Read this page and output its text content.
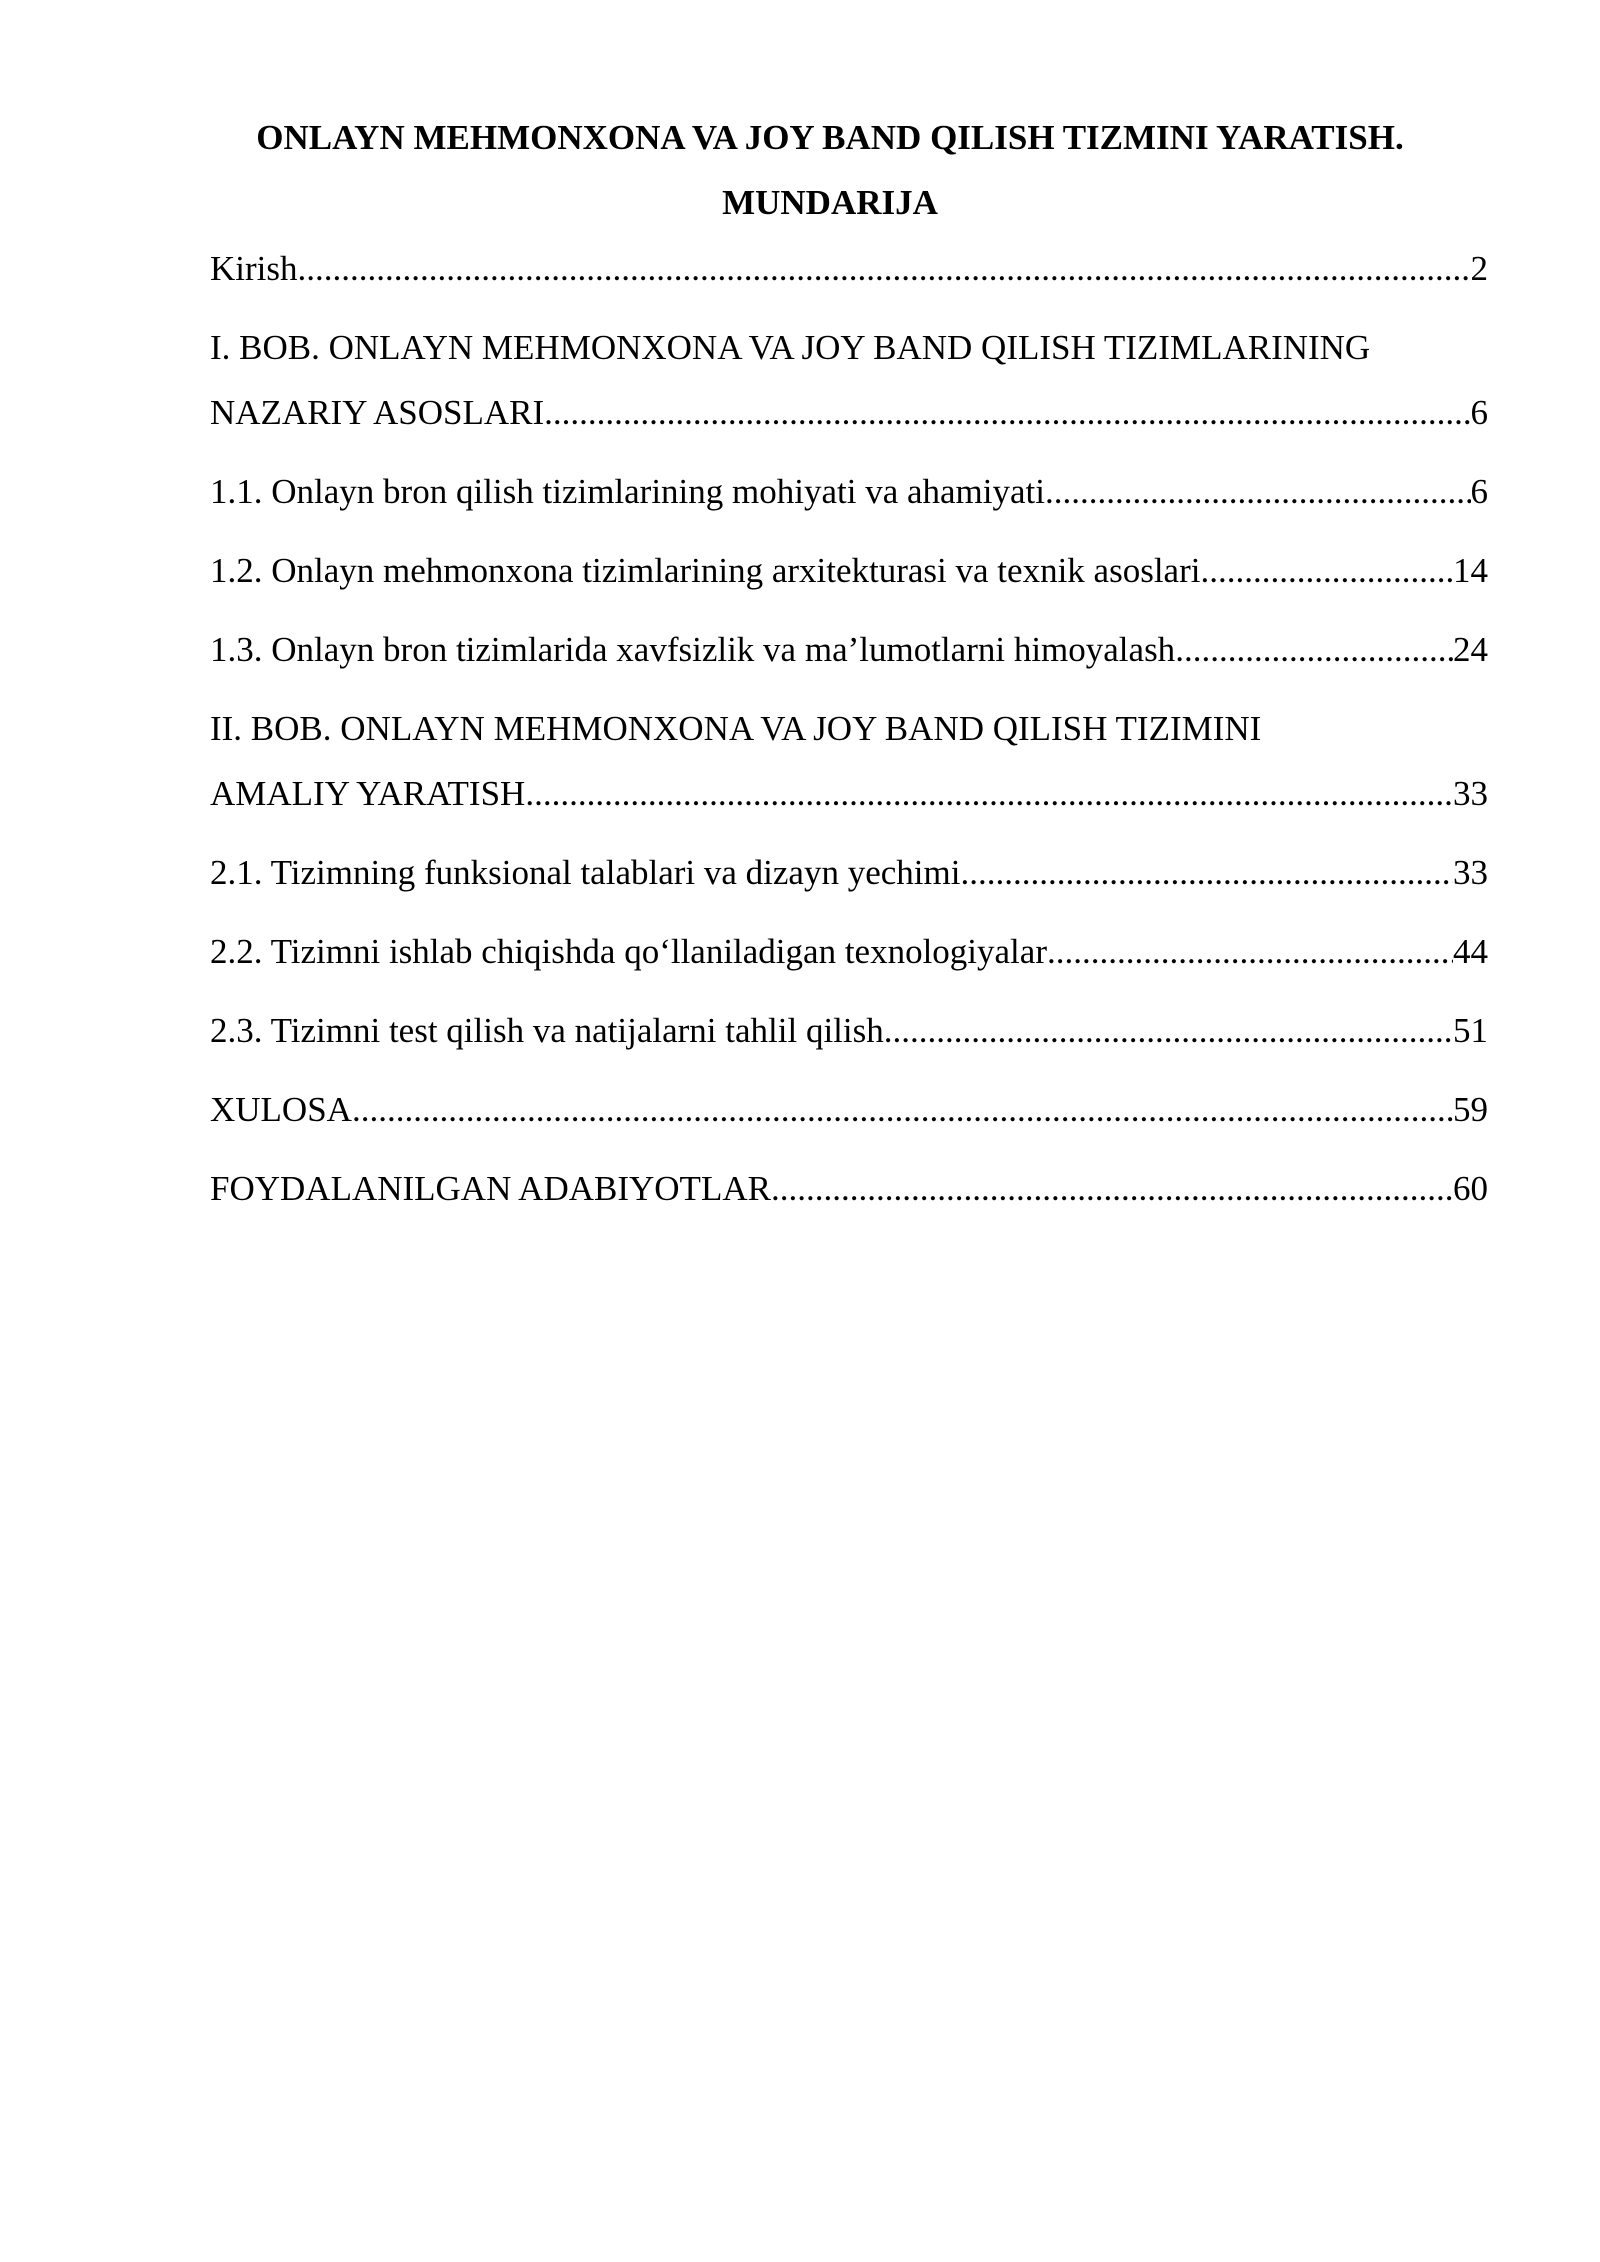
ONLAYN MEHMONXONA VA JOY BAND QILISH TIZMINI YARATISH.
MUNDARIJA
Kirish .....	2
I. BOB. ONLAYN MEHMONXONA VA JOY BAND QILISH TIZIMLARINING
NAZARIY ASOSLARI .....	6
1.1. Onlayn bron qilish tizimlarining mohiyati va ahamiyati .....	6
1.2. Onlayn mehmonxona tizimlarining arxitekturasi va texnik asoslari .....	14
1.3. Onlayn bron tizimlarida xavfsizlik va ma’lumotlarni himoyalash .....	24
II. BOB. ONLAYN MEHMONXONA VA JOY BAND QILISH TIZIMINI
AMALIY YARATISH .....	33
2.1. Tizimning funksional talablari va dizayn yechimi .....	33
2.2. Tizimni ishlab chiqishda qo‘llaniladigan texnologiyalar .....	44
2.3. Tizimni test qilish va natijalarni tahlil qilish .....	51
XULOSA .....	59
FOYDALANILGAN ADABIYOTLAR .....	60
